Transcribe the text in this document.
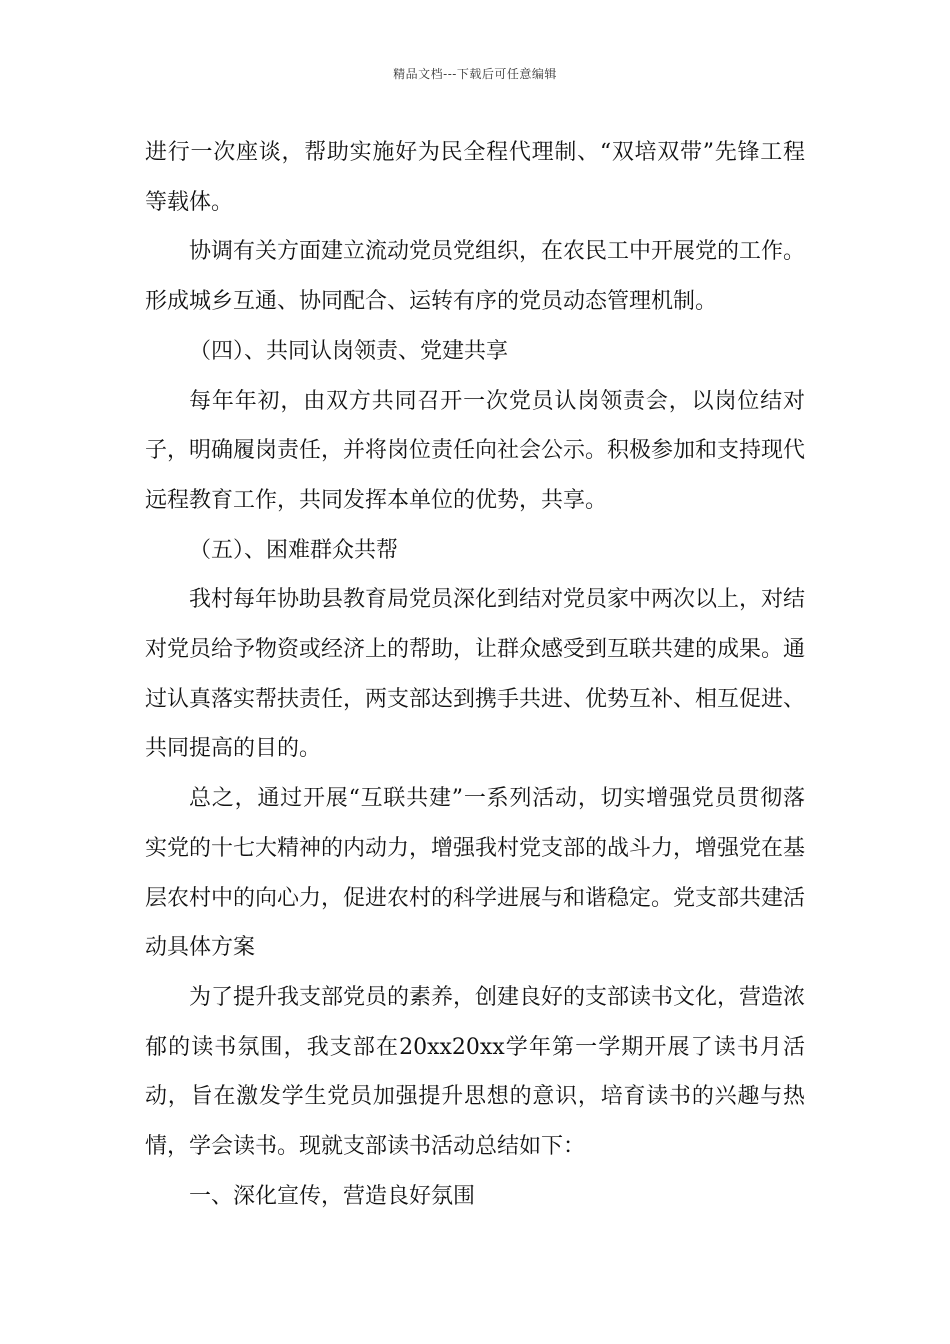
精品文档---下载后可任意编辑

进行一次座谈，帮助实施好为民全程代理制、“双培双带”先锋工程等载体。

协调有关方面建立流动党员党组织，在农民工中开展党的工作。形成城乡互通、协同配合、运转有序的党员动态管理机制。

（四）、共同认岗领责、党建共享

每年年初，由双方共同召开一次党员认岗领责会，以岗位结对子，明确履岗责任，并将岗位责任向社会公示。积极参加和支持现代远程教育工作，共同发挥本单位的优势，共享。

（五）、困难群众共帮

我村每年协助县教育局党员深化到结对党员家中两次以上，对结对党员给予物资或经济上的帮助，让群众感受到互联共建的成果。通过认真落实帮扶责任，两支部达到携手共进、优势互补、相互促进、共同提高的目的。

总之，通过开展“互联共建”一系列活动，切实增强党员贯彻落实党的十七大精神的内动力，增强我村党支部的战斗力，增强党在基层农村中的向心力，促进农村的科学进展与和谐稳定。党支部共建活动具体方案

为了提升我支部党员的素养，创建良好的支部读书文化，营造浓郁的读书氛围，我支部在20xx20xx学年第一学期开展了读书月活动，旨在激发学生党员加强提升思想的意识，培育读书的兴趣与热情，学会读书。现就支部读书活动总结如下：

一、深化宣传，营造良好氛围
